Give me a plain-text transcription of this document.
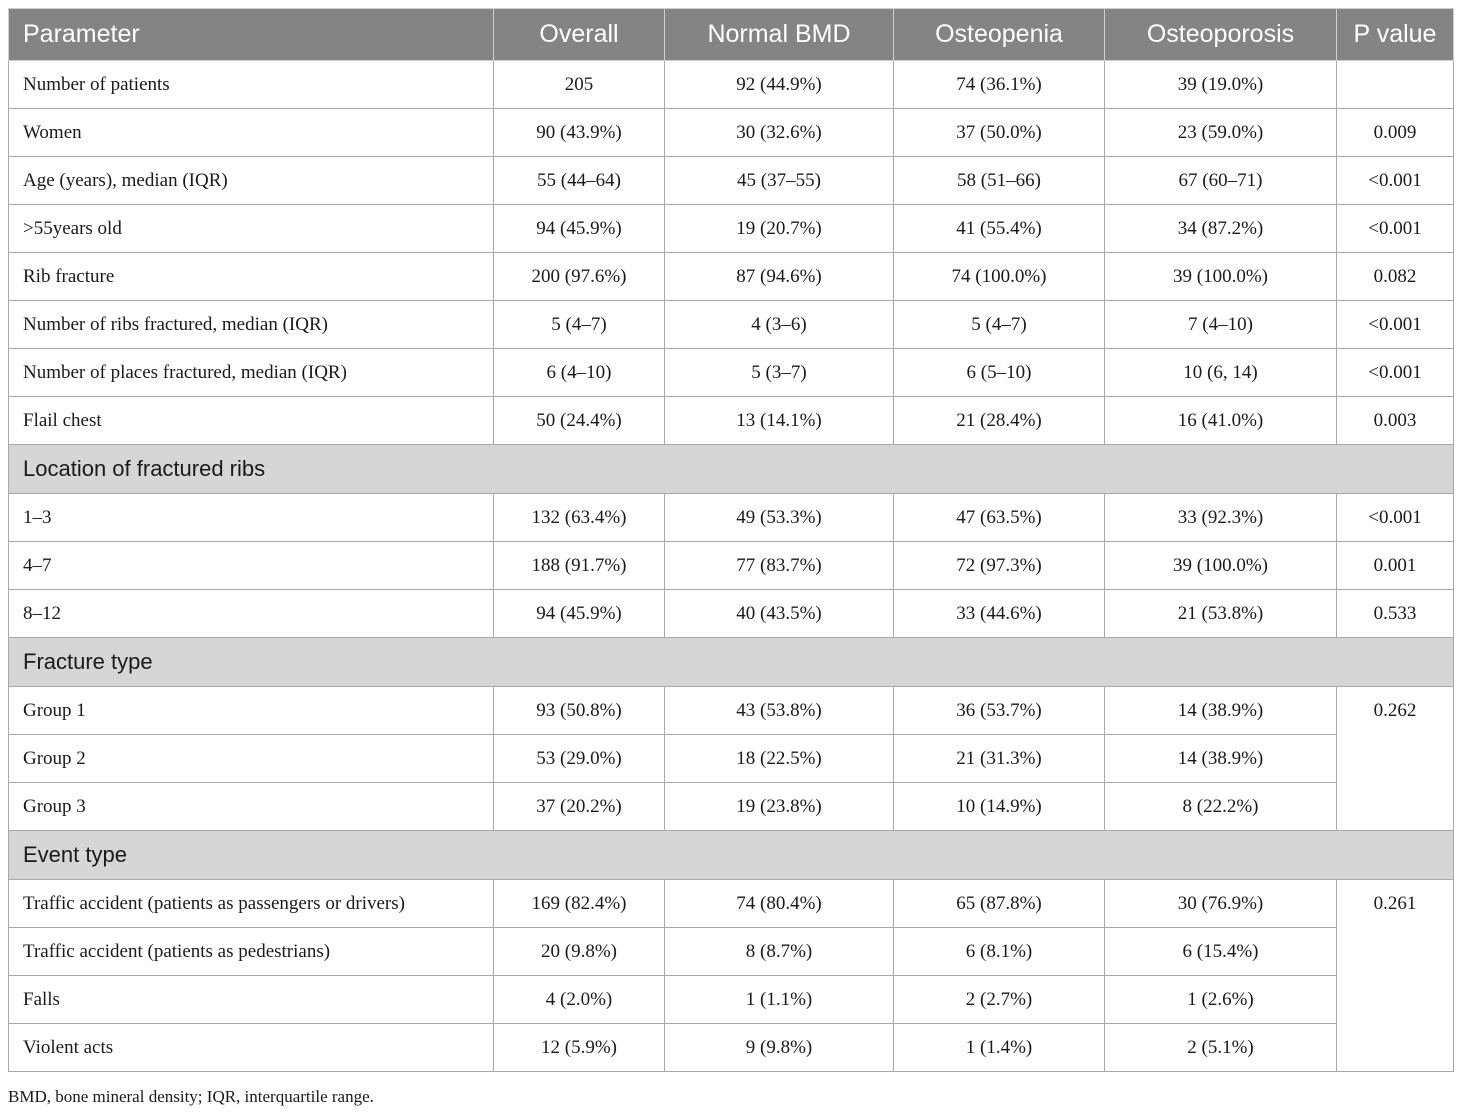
Parameter	Overall	Normal BMD	Osteopenia	Osteoporosis	P value
Number of patients	205	92 (44.9%)	74 (36.1%)	39 (19.0%)	
Women	90 (43.9%)	30 (32.6%)	37 (50.0%)	23 (59.0%)	0.009
Age (years), median (IQR)	55 (44–64)	45 (37–55)	58 (51–66)	67 (60–71)	<0.001
>55years old	94 (45.9%)	19 (20.7%)	41 (55.4%)	34 (87.2%)	<0.001
Rib fracture	200 (97.6%)	87 (94.6%)	74 (100.0%)	39 (100.0%)	0.082
Number of ribs fractured, median (IQR)	5 (4–7)	4 (3–6)	5 (4–7)	7 (4–10)	<0.001
Number of places fractured, median (IQR)	6 (4–10)	5 (3–7)	6 (5–10)	10 (6, 14)	<0.001
Flail chest	50 (24.4%)	13 (14.1%)	21 (28.4%)	16 (41.0%)	0.003
Location of fractured ribs					
1–3	132 (63.4%)	49 (53.3%)	47 (63.5%)	33 (92.3%)	<0.001
4–7	188 (91.7%)	77 (83.7%)	72 (97.3%)	39 (100.0%)	0.001
8–12	94 (45.9%)	40 (43.5%)	33 (44.6%)	21 (53.8%)	0.533
Fracture type					
Group 1	93 (50.8%)	43 (53.8%)	36 (53.7%)	14 (38.9%)	0.262
Group 2	53 (29.0%)	18 (22.5%)	21 (31.3%)	14 (38.9%)	
Group 3	37 (20.2%)	19 (23.8%)	10 (14.9%)	8 (22.2%)	
Event type					
Traffic accident (patients as passengers or drivers)	169 (82.4%)	74 (80.4%)	65 (87.8%)	30 (76.9%)	0.261
Traffic accident (patients as pedestrians)	20 (9.8%)	8 (8.7%)	6 (8.1%)	6 (15.4%)	
Falls	4 (2.0%)	1 (1.1%)	2 (2.7%)	1 (2.6%)	
Violent acts	12 (5.9%)	9 (9.8%)	1 (1.4%)	2 (5.1%)	
BMD, bone mineral density; IQR, interquartile range.
